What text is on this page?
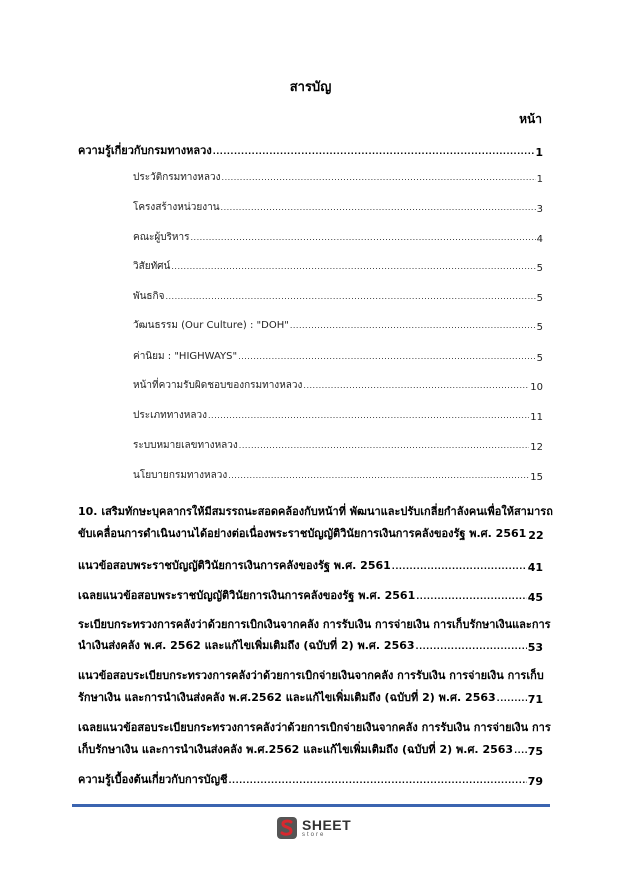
สารบัญ
หน้า
ความรู้เกี่ยวกับกรมทางหลวง .....	1
ประวัติกรมทางหลวง .....	1
โครงสร้างหน่วยงาน .....	3
คณะผู้บริหาร .....	4
วิสัยทัศน์ .....	5
พันธกิจ .....	5
วัฒนธรรม (Our Culture) : "DOH" .....	5
ค่านิยม : "HIGHWAYS" .....	5
หน้าที่ความรับผิดชอบของกรมทางหลวง .....	10
ประเภททางหลวง .....	11
ระบบหมายเลขทางหลวง .....	12
นโยบายกรมทางหลวง .....	15
10. เสริมทักษะบุคลากรให้มีสมรรถนะสอดคล้องกับหน้าที่ พัฒนาและปรับเกลี่ยกำลังคนเพื่อให้สามารถ
ขับเคลื่อนการดำเนินงานได้อย่างต่อเนื่องพระราชบัญญัติวินัยการเงินการคลังของรัฐ พ.ศ. 2561 22
แนวข้อสอบพระราชบัญญัติวินัยการเงินการคลังของรัฐ พ.ศ. 2561 .....	41
เฉลยแนวข้อสอบพระราชบัญญัติวินัยการเงินการคลังของรัฐ พ.ศ. 2561 .....	45
ระเบียบกระทรวงการคลังว่าด้วยการเบิกเงินจากคลัง การรับเงิน การจ่ายเงิน การเก็บรักษาเงินและการ
นำเงินส่งคลัง พ.ศ. 2562 และแก้ไขเพิ่มเติมถึง (ฉบับที่ 2) พ.ศ. 2563 .....	53
แนวข้อสอบระเบียบกระทรวงการคลังว่าด้วยการเบิกจ่ายเงินจากคลัง การรับเงิน การจ่ายเงิน การเก็บ
รักษาเงิน และการนำเงินส่งคลัง พ.ศ.2562 และแก้ไขเพิ่มเติมถึง (ฉบับที่ 2) พ.ศ. 2563 .....	71
เฉลยแนวข้อสอบระเบียบกระทรวงการคลังว่าด้วยการเบิกจ่ายเงินจากคลัง การรับเงิน การจ่ายเงิน การ
เก็บรักษาเงิน และการนำเงินส่งคลัง พ.ศ.2562 และแก้ไขเพิ่มเติมถึง (ฉบับที่ 2) พ.ศ. 2563 ..... 75
ความรู้เบื้องต้นเกี่ยวกับการบัญชี .....	79
SHEET
store
